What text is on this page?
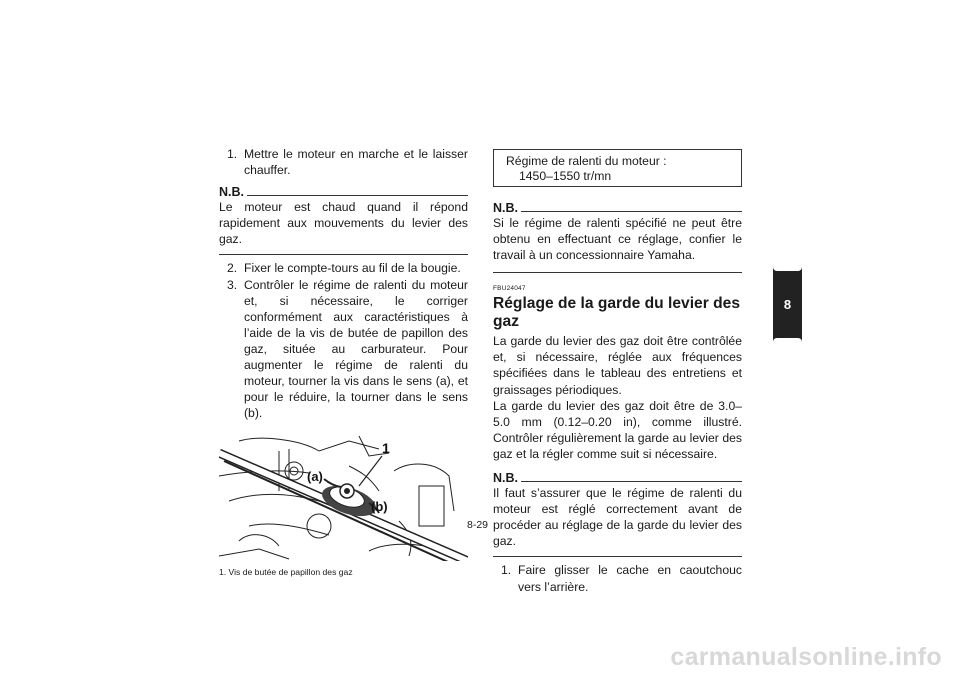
1. Mettre le moteur en marche et le laisser chauffer.
N.B.
Le moteur est chaud quand il répond rapidement aux mouvements du levier des gaz.
2. Fixer le compte-tours au fil de la bougie.
3. Contrôler le régime de ralenti du moteur et, si nécessaire, le corriger conformément aux caractéristiques à l’aide de la vis de butée de papillon des gaz, située au carburateur. Pour augmenter le régime de ralenti du moteur, tourner la vis dans le sens (a), et pour le réduire, la tourner dans le sens (b).
1
(a)
(b)
1. Vis de butée de papillon des gaz
Régime de ralenti du moteur :
1450–1550 tr/mn
N.B.
Si le régime de ralenti spécifié ne peut être obtenu en effectuant ce réglage, confier le travail à un concessionnaire Yamaha.
FBU24047
Réglage de la garde du levier des gaz
La garde du levier des gaz doit être contrôlée et, si nécessaire, réglée aux fréquences spécifiées dans le tableau des entretiens et graissages périodiques.
La garde du levier des gaz doit être de 3.0–5.0 mm (0.12–0.20 in), comme illustré. Contrôler régulièrement la garde au levier des gaz et la régler comme suit si nécessaire.
N.B.
Il faut s’assurer que le régime de ralenti du moteur est réglé correctement avant de procéder au réglage de la garde du levier des gaz.
1. Faire glisser le cache en caoutchouc vers l’arrière.
8
8-29
carmanualsonline.info
